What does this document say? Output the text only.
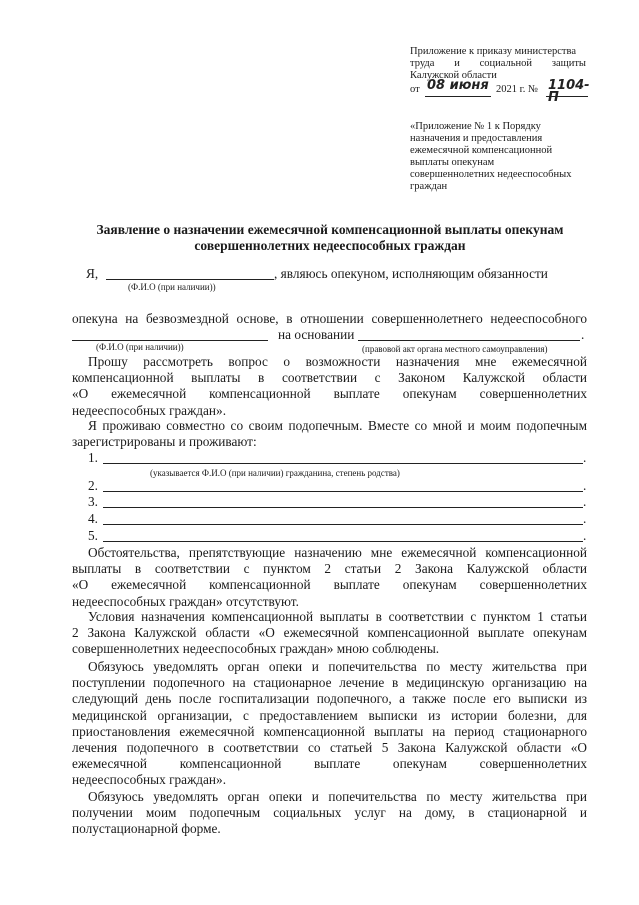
Приложение к приказу министерства
труда и социальной защиты
Калужской области
от 08 июня 2021 г. № 1104-П
«Приложение № 1 к Порядку
назначения и предоставления
ежемесячной компенсационной
выплаты опекунам
совершеннолетних недееспособных
граждан
Заявление о назначении ежемесячной компенсационной выплаты опекунам
совершеннолетних недееспособных граждан
Я,	, являюсь опекуном, исполняющим обязанности
(Ф.И.О (при наличии))
опекуна на безвозмездной основе, в отношении совершеннолетнего недееспособного
на основании	.
(Ф.И.О (при наличии))	(правовой акт органа местного самоуправления)
Прошу рассмотреть вопрос о возможности назначения мне ежемесячной
компенсационной выплаты в соответствии с Законом Калужской области
«О ежемесячной компенсационной выплате опекунам совершеннолетних
недееспособных граждан».
Я проживаю совместно со своим подопечным. Вместе со мной и моим подопечным
зарегистрированы и проживают:
1.	.
(указывается Ф.И.О (при наличии) гражданина, степень родства)
2.	.
3.	.
4.	.
5.	.
Обстоятельства, препятствующие назначению мне ежемесячной компенсационной
выплаты в соответствии с пунктом 2 статьи 2 Закона Калужской области
«О ежемесячной компенсационной выплате опекунам совершеннолетних
недееспособных граждан» отсутствуют.
Условия назначения компенсационной выплаты в соответствии с пунктом 1 статьи
2 Закона Калужской области «О ежемесячной компенсационной выплате опекунам
совершеннолетних недееспособных граждан» мною соблюдены.
Обязуюсь уведомлять орган опеки и попечительства по месту жительства при
поступлении подопечного на стационарное лечение в медицинскую организацию на
следующий день после госпитализации подопечного, а также после его выписки из
медицинской организации, с предоставлением выписки из истории болезни, для
приостановления ежемесячной компенсационной выплаты на период стационарного
лечения подопечного в соответствии со статьей 5 Закона Калужской области «О
ежемесячной компенсационной выплате опекунам совершеннолетних
недееспособных граждан».
Обязуюсь уведомлять орган опеки и попечительства по месту жительства при
получении моим подопечным социальных услуг на дому, в стационарной и
полустационарной форме.
